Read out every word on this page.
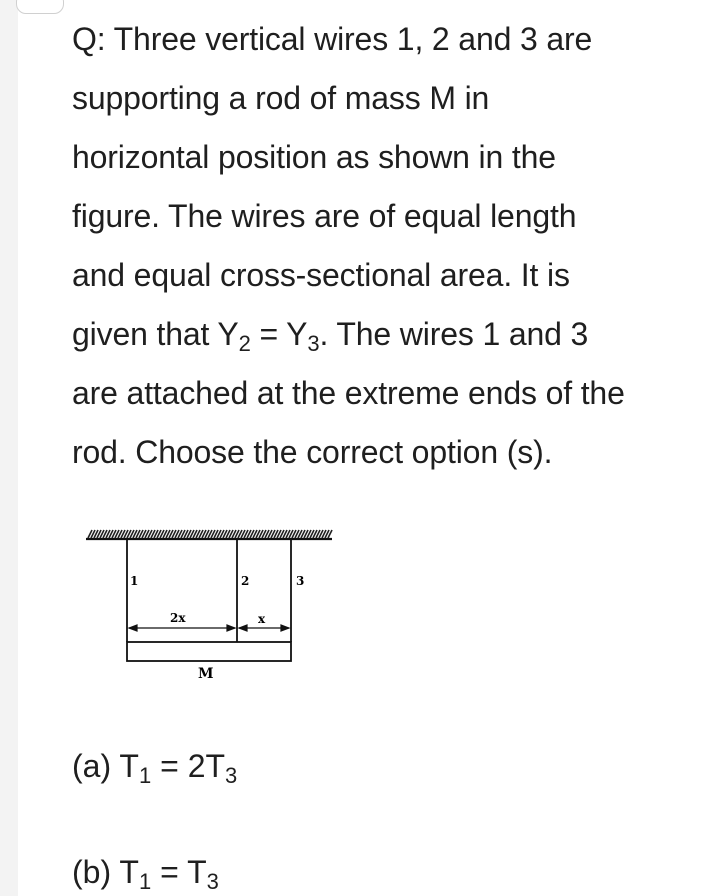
Q: Three vertical wires 1, 2 and 3 are
supporting a rod of mass M in
horizontal position as shown in the
figure. The wires are of equal length
and equal cross-sectional area. It is
given that $Y_2 = Y_3$. The wires 1 and 3
are attached at the extreme ends of the
rod. Choose the correct option (s).

1	2	3
2x	x
M
(a) $T_1 = 2T_3$
(b) $T_1 = T_3$
